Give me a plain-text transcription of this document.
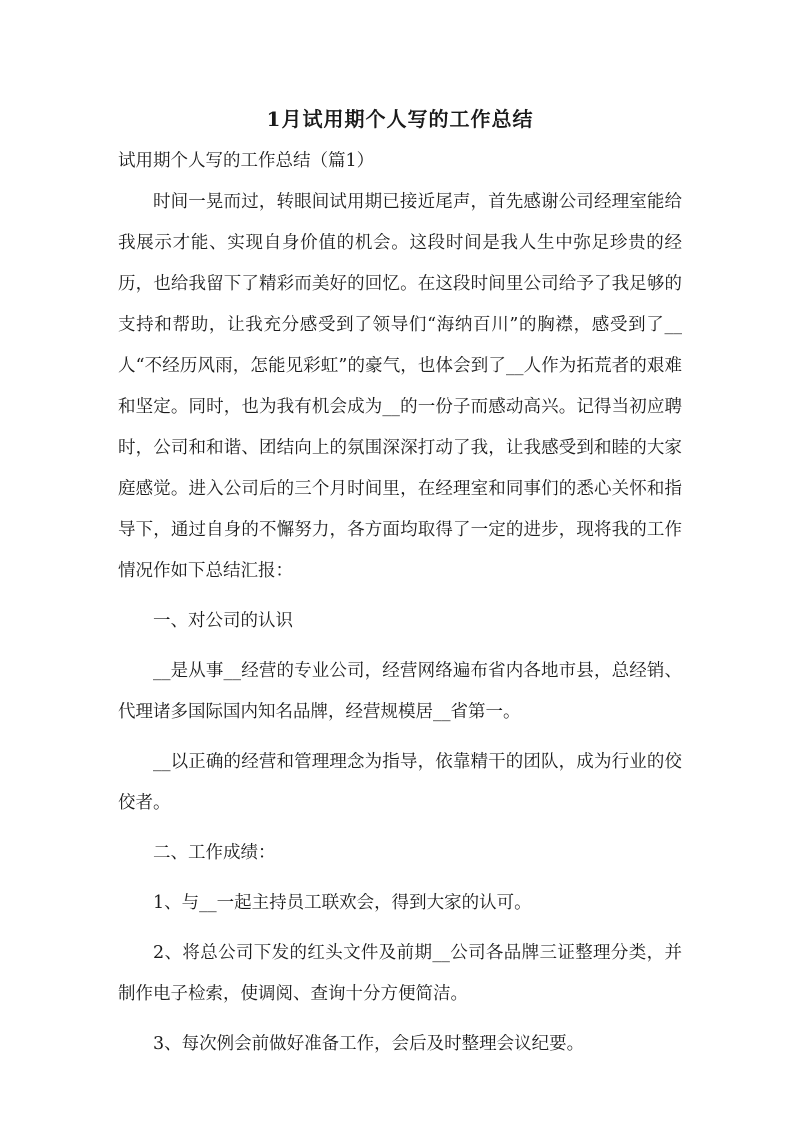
1月试用期个人写的工作总结
试用期个人写的工作总结（篇1）

时间一晃而过，转眼间试用期已接近尾声，首先感谢公司经理室能给我展示才能、实现自身价值的机会。这段时间是我人生中弥足珍贵的经历，也给我留下了精彩而美好的回忆。在这段时间里公司给予了我足够的支持和帮助，让我充分感受到了领导们“海纳百川”的胸襟，感受到了__人“不经历风雨，怎能见彩虹”的豪气，也体会到了__人作为拓荒者的艰难和坚定。同时，也为我有机会成为__的一份子而感动高兴。记得当初应聘时，公司和和谐、团结向上的氛围深深打动了我，让我感受到和睦的大家庭感觉。进入公司后的三个月时间里，在经理室和同事们的悉心关怀和指导下，通过自身的不懈努力，各方面均取得了一定的进步，现将我的工作情况作如下总结汇报：

一、对公司的认识

__是从事__经营的专业公司，经营网络遍布省内各地市县，总经销、代理诸多国际国内知名品牌，经营规模居__省第一。

__以正确的经营和管理理念为指导，依靠精干的团队，成为行业的佼佼者。

二、工作成绩：

1、与__一起主持员工联欢会，得到大家的认可。

2、将总公司下发的红头文件及前期__公司各品牌三证整理分类，并制作电子检索，使调阅、查询十分方便简洁。

3、每次例会前做好准备工作，会后及时整理会议纪要。
